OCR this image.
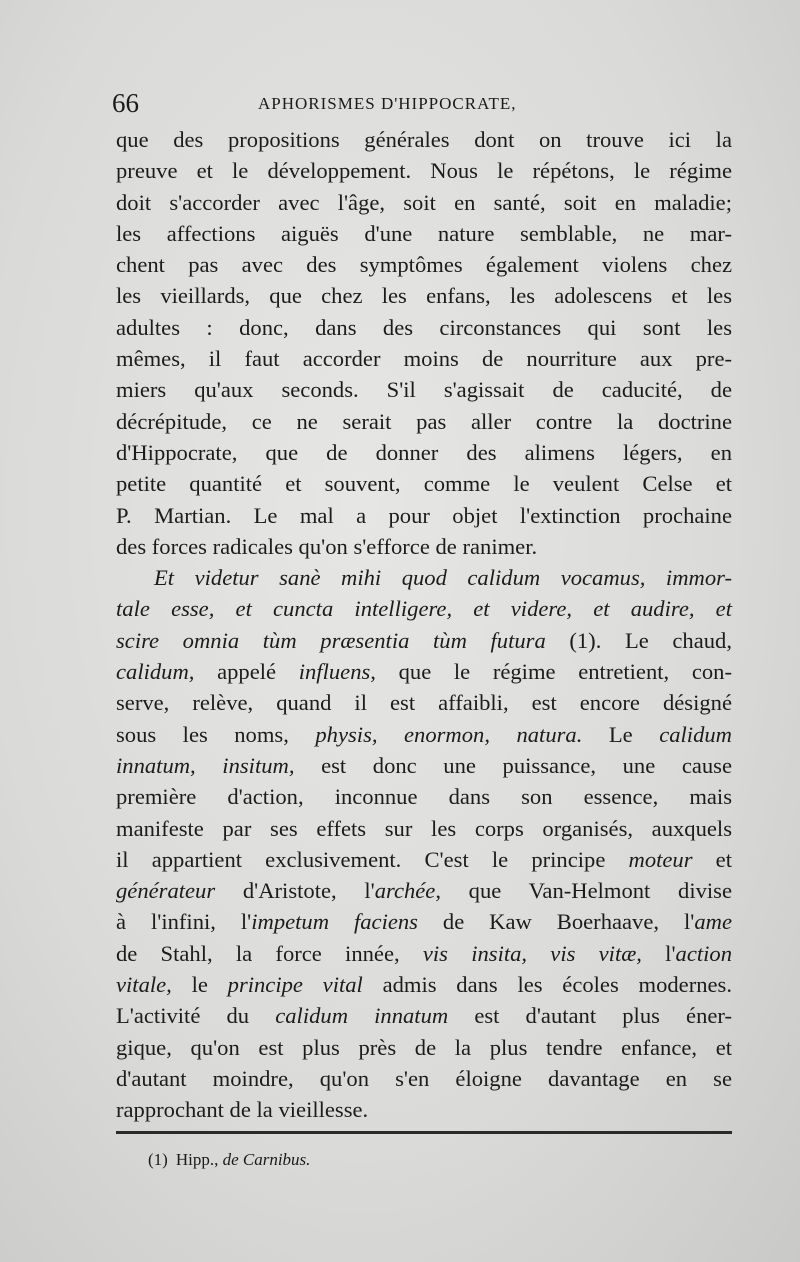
66	APHORISMES D'HIPPOCRATE,
que des propositions générales dont on trouve ici la
preuve et le développement. Nous le répétons, le régime
doit s'accorder avec l'âge, soit en santé, soit en maladie;
les affections aiguës d'une nature semblable, ne mar-
chent pas avec des symptômes également violens chez
les vieillards, que chez les enfans, les adolescens et les
adultes : donc, dans des circonstances qui sont les
mêmes, il faut accorder moins de nourriture aux pre-
miers qu'aux seconds. S'il s'agissait de caducité, de
décrépitude, ce ne serait pas aller contre la doctrine
d'Hippocrate, que de donner des alimens légers, en
petite quantité et souvent, comme le veulent Celse et
P. Martian. Le mal a pour objet l'extinction prochaine
des forces radicales qu'on s'efforce de ranimer.
Et videtur sanè mihi quod calidum vocamus, immor-
tale esse, et cuncta intelligere, et videre, et audire, et
scire omnia tùm præsentia tùm futura (1). Le chaud,
calidum, appelé influens, que le régime entretient, con-
serve, relève, quand il est affaibli, est encore désigné
sous les noms, physis, enormon, natura. Le calidum
innatum, insitum, est donc une puissance, une cause
première d'action, inconnue dans son essence, mais
manifeste par ses effets sur les corps organisés, auxquels
il appartient exclusivement. C'est le principe moteur et
générateur d'Aristote, l'archée, que Van-Helmont divise
à l'infini, l'impetum faciens de Kaw Boerhaave, l'ame
de Stahl, la force innée, vis insita, vis vitæ, l'action
vitale, le principe vital admis dans les écoles modernes.
L'activité du calidum innatum est d'autant plus éner-
gique, qu'on est plus près de la plus tendre enfance, et
d'autant moindre, qu'on s'en éloigne davantage en se
rapprochant de la vieillesse.
(1) Hipp., de Carnibus.
